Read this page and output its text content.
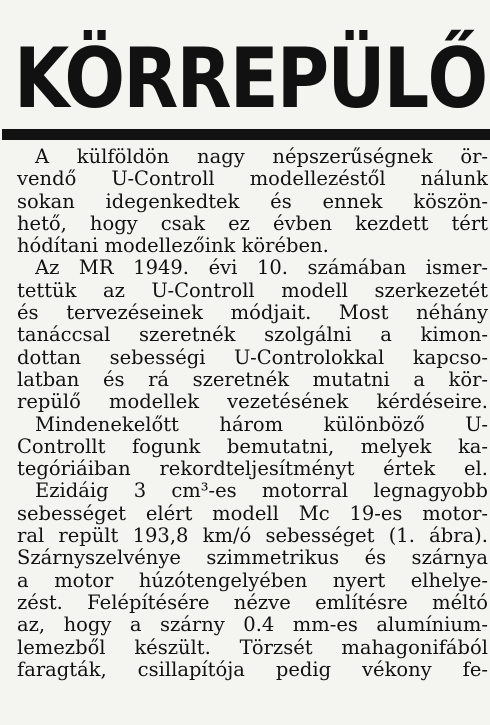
KÖRREPÜLŐ
A külföldön nagy népszerűségnek ör-
vendő U-Controll modellezéstől nálunk
sokan idegenkedtek és ennek köszön-
hető, hogy csak ez évben kezdett tért
hódítani modellezőink körében.
Az MR 1949. évi 10. számában ismer-
tettük az U-Controll modell szerkezetét
és tervezéseinek módjait. Most néhány
tanáccsal szeretnék szolgálni a kimon-
dottan sebességi U-Controlokkal kapcso-
latban és rá szeretnék mutatni a kör-
repülő modellek vezetésének kérdéseire.
Mindenekelőtt három különböző U-
Controllt fogunk bemutatni, melyek ka-
tegóriáiban rekordteljesítményt értek el.
Ezidáig 3 cm³-es motorral legnagyobb
sebességet elért modell Mc 19-es motor-
ral repült 193,8 km/ó sebességet (1. ábra).
Szárnyszelvénye szimmetrikus és szárnya
a motor húzótengelyében nyert elhelye-
zést. Felépítésére nézve említésre méltó
az, hogy a szárny 0.4 mm-es alumínium-
lemezből készült. Törzsét mahagonifából
faragták, csillapítója pedig vékony fe-
